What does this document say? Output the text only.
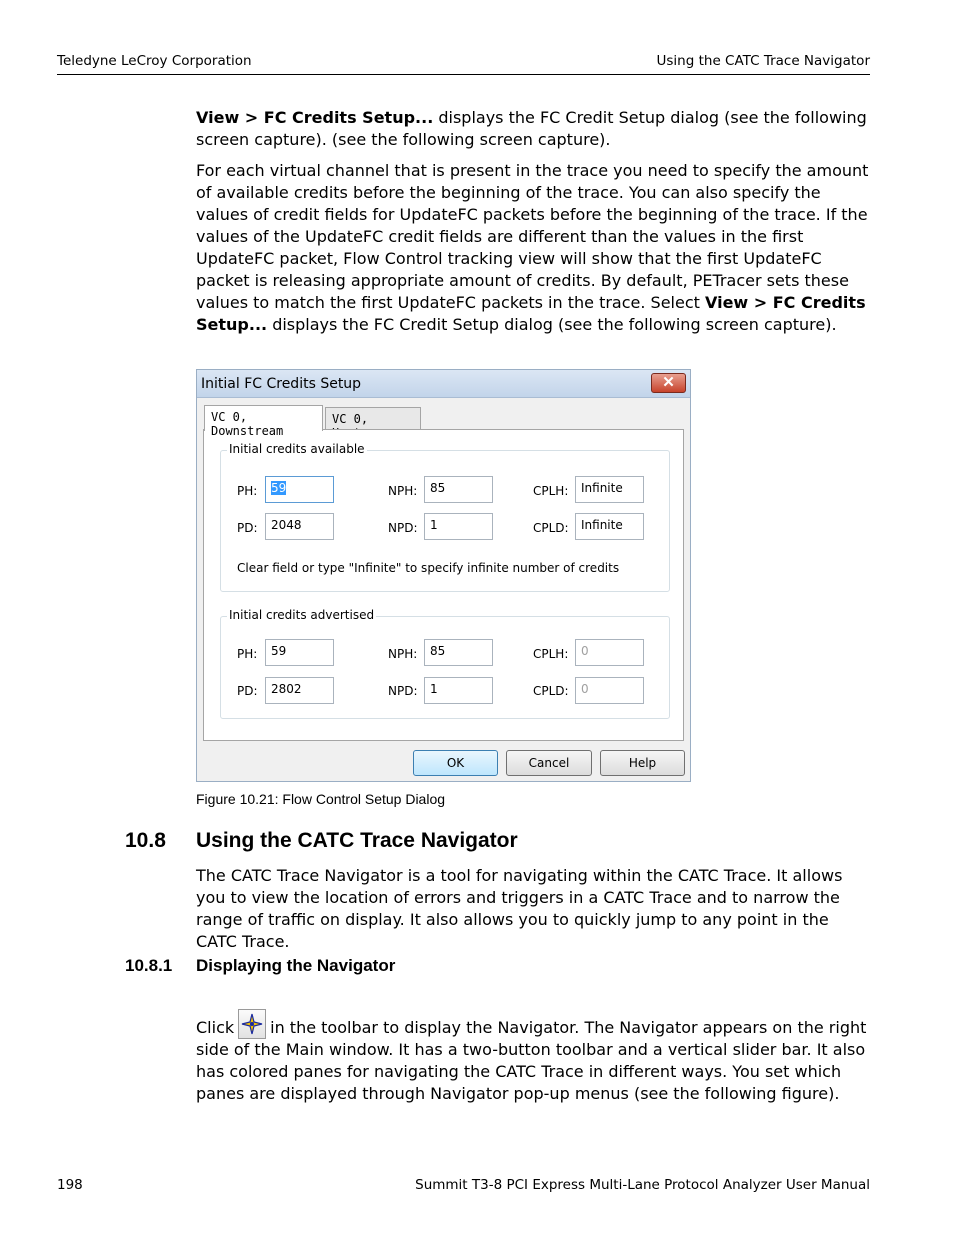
Teledyne LeCroy Corporation	Using the CATC Trace Navigator
View > FC Credits Setup... displays the FC Credit Setup dialog (see the following screen capture). (see the following screen capture).
For each virtual channel that is present in the trace you need to specify the amount of available credits before the beginning of the trace. You can also specify the values of credit fields for UpdateFC packets before the beginning of the trace. If the values of the UpdateFC credit fields are different than the values in the first UpdateFC packet, Flow Control tracking view will show that the first UpdateFC packet is releasing appropriate amount of credits. By default, PETracer sets these values to match the first UpdateFC packets in the trace. Select View > FC Credits Setup... displays the FC Credit Setup dialog (see the following screen capture).
Initial FC Credits Setup	✕
VC 0, Downstream
VC 0,
Initial credits available
PH:	59	NPH:	85	CPLH:	Infinite
PD:	2048	NPD:	1	CPLD:	Infinite
Clear field or type "Infinite" to specify infinite number of credits
Initial credits advertised
PH:	59	NPH:	85	CPLH:	0
PD:	2802	NPD:	1	CPLD:	0
OK	Cancel	Help
Figure 10.21: Flow Control Setup Dialog
10.8 Using the CATC Trace Navigator
The CATC Trace Navigator is a tool for navigating within the CATC Trace. It allows you to view the location of errors and triggers in a CATC Trace and to narrow the range of traffic on display. It also allows you to quickly jump to any point in the CATC Trace.
10.8.1 Displaying the Navigator
Click in the toolbar to display the Navigator. The Navigator appears on the right side of the Main window. It has a two-button toolbar and a vertical slider bar. It also has colored panes for navigating the CATC Trace in different ways. You set which panes are displayed through Navigator pop-up menus (see the following figure).
198	Summit T3-8 PCI Express Multi-Lane Protocol Analyzer User Manual
